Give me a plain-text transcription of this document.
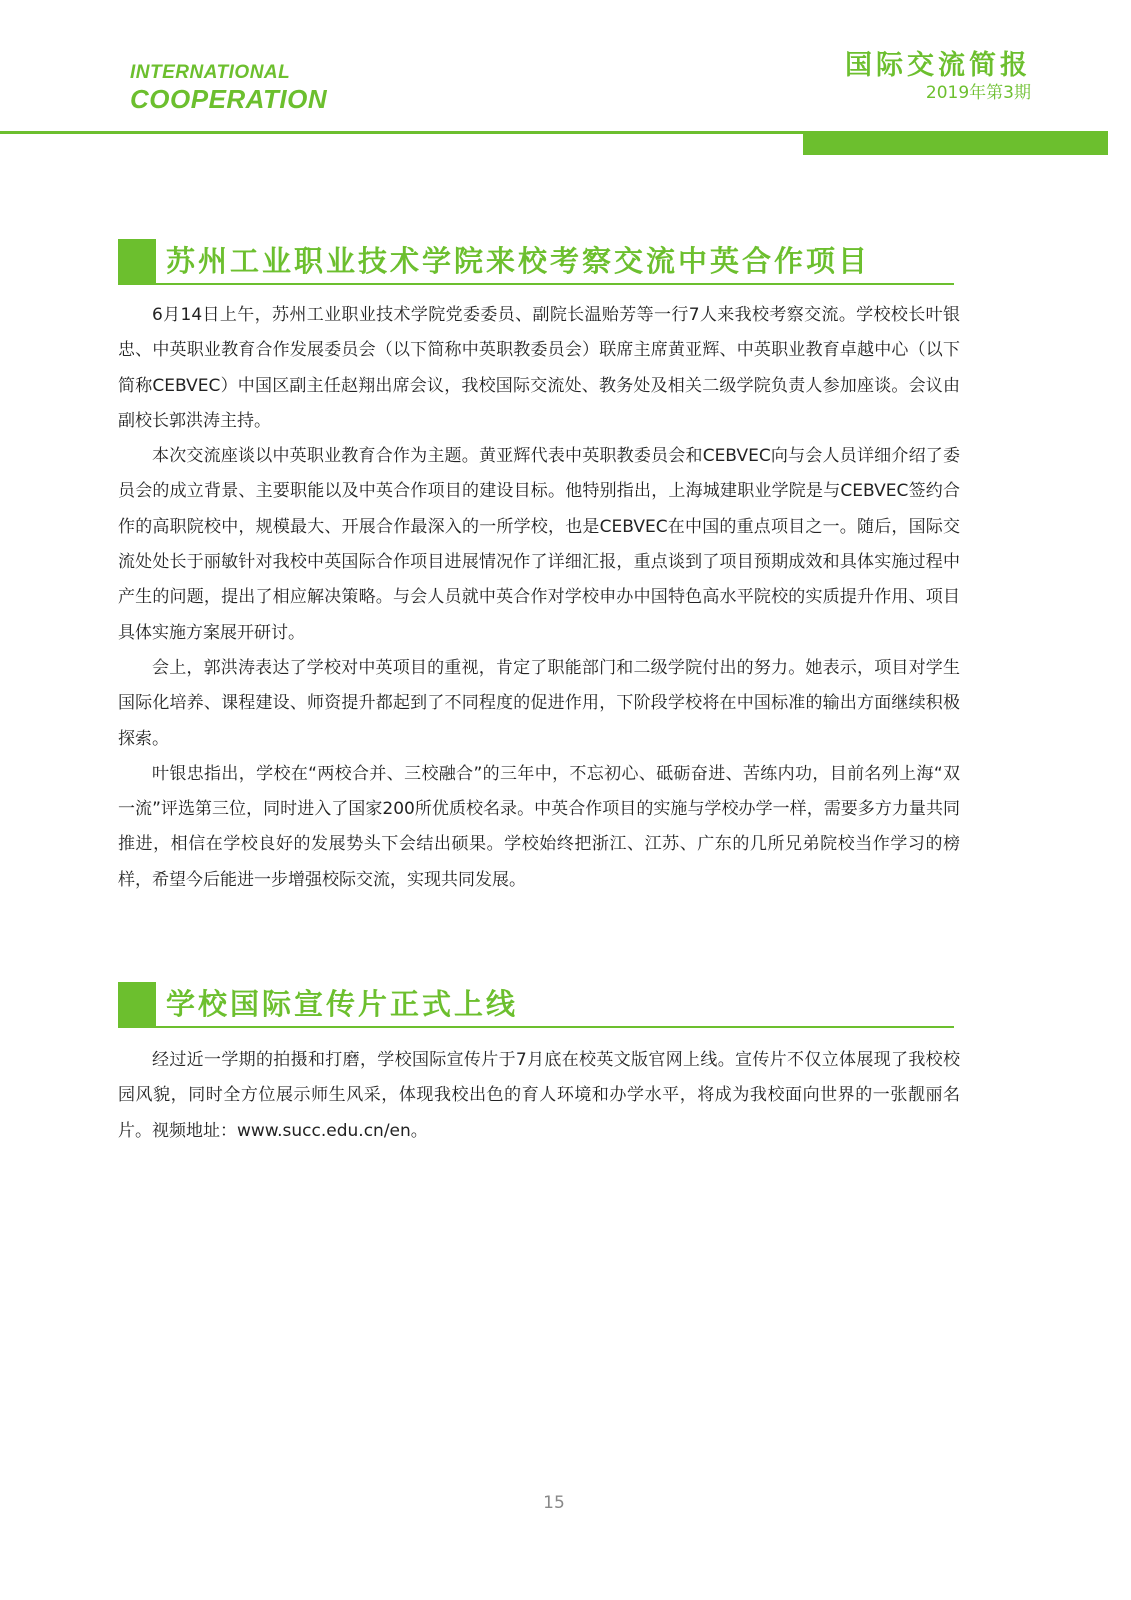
INTERNATIONAL
COOPERATION
国际交流简报
2019年第3期
苏州工业职业技术学院来校考察交流中英合作项目

6月14日上午，苏州工业职业技术学院党委委员、副院长温贻芳等一行7人来我校考察交流。学校校长叶银忠、中英职业教育合作发展委员会（以下简称中英职教委员会）联席主席黄亚辉、中英职业教育卓越中心（以下简称CEBVEC）中国区副主任赵翔出席会议，我校国际交流处、教务处及相关二级学院负责人参加座谈。会议由副校长郭洪涛主持。

本次交流座谈以中英职业教育合作为主题。黄亚辉代表中英职教委员会和CEBVEC向与会人员详细介绍了委员会的成立背景、主要职能以及中英合作项目的建设目标。他特别指出，上海城建职业学院是与CEBVEC签约合作的高职院校中，规模最大、开展合作最深入的一所学校，也是CEBVEC在中国的重点项目之一。随后，国际交流处处长于丽敏针对我校中英国际合作项目进展情况作了详细汇报，重点谈到了项目预期成效和具体实施过程中产生的问题，提出了相应解决策略。与会人员就中英合作对学校申办中国特色高水平院校的实质提升作用、项目具体实施方案展开研讨。

会上，郭洪涛表达了学校对中英项目的重视，肯定了职能部门和二级学院付出的努力。她表示，项目对学生国际化培养、课程建设、师资提升都起到了不同程度的促进作用，下阶段学校将在中国标准的输出方面继续积极探索。

叶银忠指出，学校在“两校合并、三校融合”的三年中，不忘初心、砥砺奋进、苦练内功，目前名列上海“双一流”评选第三位，同时进入了国家200所优质校名录。中英合作项目的实施与学校办学一样，需要多方力量共同推进，相信在学校良好的发展势头下会结出硕果。学校始终把浙江、江苏、广东的几所兄弟院校当作学习的榜样，希望今后能进一步增强校际交流，实现共同发展。

学校国际宣传片正式上线

经过近一学期的拍摄和打磨，学校国际宣传片于7月底在校英文版官网上线。宣传片不仅立体展现了我校校园风貌，同时全方位展示师生风采，体现我校出色的育人环境和办学水平，将成为我校面向世界的一张靓丽名片。视频地址：www.succ.edu.cn/en。

15
